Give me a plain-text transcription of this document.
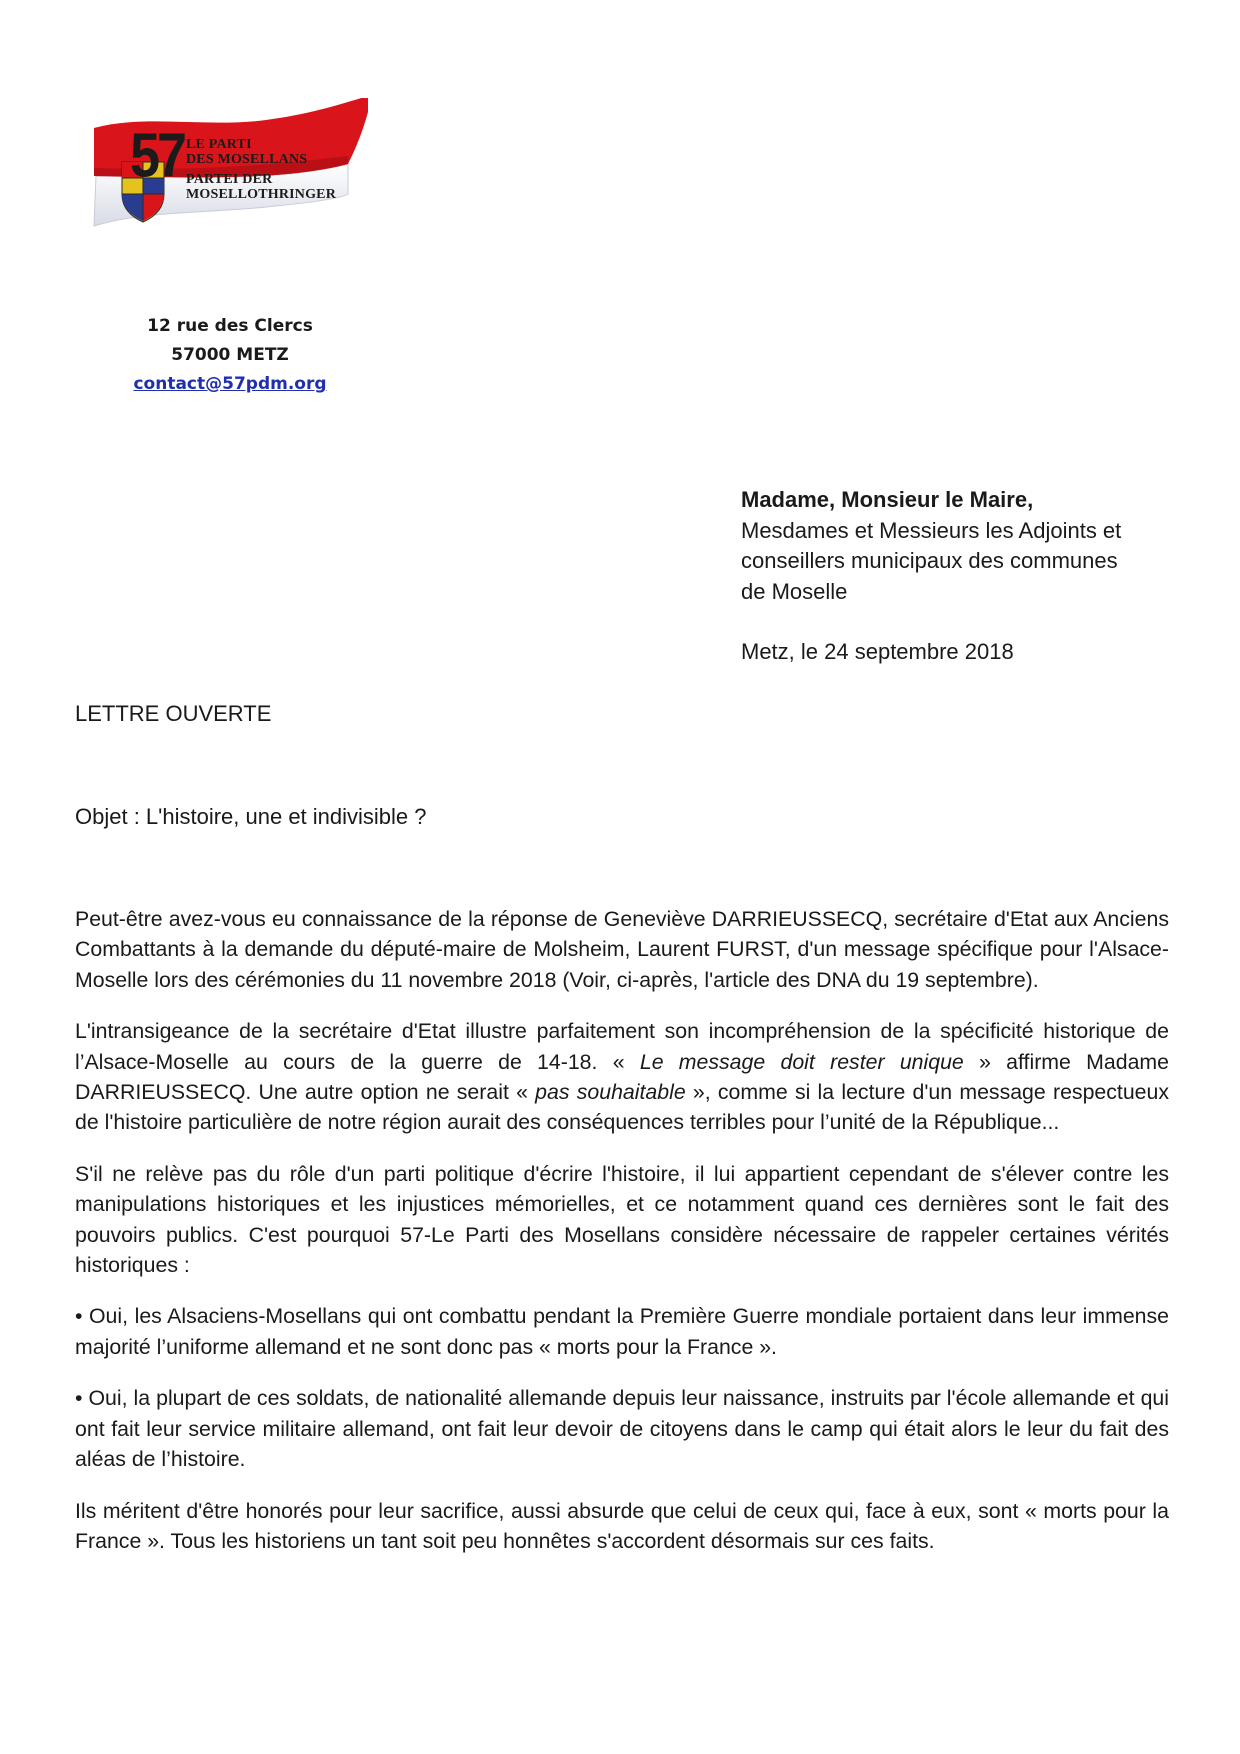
57 LE PARTI
DES MOSELLANS
PARTEI DER
MOSELLOTHRINGER
12 rue des Clercs
57000 METZ
contact@57pdm.org
Madame, Monsieur le Maire,
Mesdames et Messieurs les Adjoints et
conseillers municipaux des communes
de Moselle
Metz, le 24 septembre 2018
LETTRE OUVERTE
Objet : L'histoire, une et indivisible ?

Peut-être avez-vous eu connaissance de la réponse de Geneviève DARRIEUSSECQ, secrétaire d'Etat aux Anciens Combattants à la demande du député-maire de Molsheim, Laurent FURST, d'un message spécifique pour l'Alsace-Moselle lors des cérémonies du 11 novembre 2018 (Voir, ci-après, l'article des DNA du 19 septembre).

L'intransigeance de la secrétaire d'Etat illustre parfaitement son incompréhension de la spécificité historique de l’Alsace-Moselle au cours de la guerre de 14-18. « Le message doit rester unique » affirme Madame DARRIEUSSECQ. Une autre option ne serait « pas souhaitable », comme si la lecture d'un message respectueux de l'histoire particulière de notre région aurait des conséquences terribles pour l’unité de la République...

S'il ne relève pas du rôle d'un parti politique d'écrire l'histoire, il lui appartient cependant de s'élever contre les manipulations historiques et les injustices mémorielles, et ce notamment quand ces dernières sont le fait des pouvoirs publics. C'est pourquoi 57-Le Parti des Mosellans considère nécessaire de rappeler certaines vérités historiques :

• Oui, les Alsaciens-Mosellans qui ont combattu pendant la Première Guerre mondiale portaient dans leur immense majorité l’uniforme allemand et ne sont donc pas « morts pour la France ».

• Oui, la plupart de ces soldats, de nationalité allemande depuis leur naissance, instruits par l'école allemande et qui ont fait leur service militaire allemand, ont fait leur devoir de citoyens dans le camp qui était alors le leur du fait des aléas de l’histoire.

Ils méritent d'être honorés pour leur sacrifice, aussi absurde que celui de ceux qui, face à eux, sont « morts pour la France ». Tous les historiens un tant soit peu honnêtes s'accordent désormais sur ces faits.
